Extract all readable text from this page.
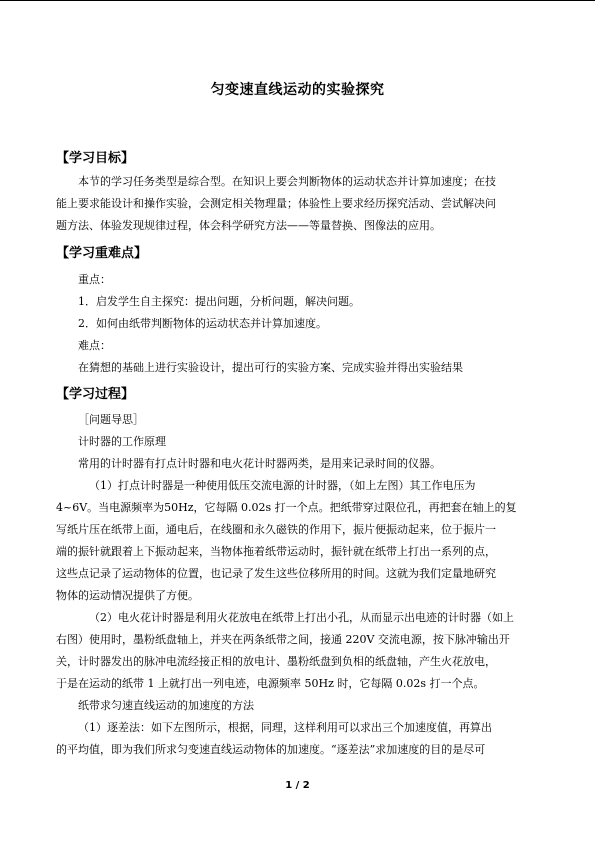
匀变速直线运动的实验探究
【学习目标】
本节的学习任务类型是综合型。在知识上要会判断物体的运动状态并计算加速度；在技
能上要求能设计和操作实验，会测定相关物理量；体验性上要求经历探究活动、尝试解决问
题方法、体验发现规律过程，体会科学研究方法——等量替换、图像法的应用。
【学习重难点】
重点：
1．启发学生自主探究：提出问题，分析问题，解决问题。
2．如何由纸带判断物体的运动状态并计算加速度。
难点：
在猜想的基础上进行实验设计，提出可行的实验方案、完成实验并得出实验结果
【学习过程】
［问题导思］
计时器的工作原理
常用的计时器有打点计时器和电火花计时器两类，是用来记录时间的仪器。
（1）打点计时器是一种使用低压交流电源的计时器，（如上左图）其工作电压为
4~6V。当电源频率为50Hz，它每隔 0.02s 打一个点。把纸带穿过限位孔，再把套在轴上的复
写纸片压在纸带上面，通电后，在线圈和永久磁铁的作用下，振片便振动起来，位于振片一
端的振针就跟着上下振动起来，当物体拖着纸带运动时，振针就在纸带上打出一系列的点，
这些点记录了运动物体的位置，也记录了发生这些位移所用的时间。这就为我们定量地研究
物体的运动情况提供了方便。
（2）电火花计时器是利用火花放电在纸带上打出小孔，从而显示出电迹的计时器（如上
右图）使用时，墨粉纸盘轴上，并夹在两条纸带之间，接通 220V 交流电源，按下脉冲输出开
关，计时器发出的脉冲电流经接正相的放电计、墨粉纸盘到负相的纸盘轴，产生火花放电，
于是在运动的纸带 1 上就打出一列电迹，电源频率 50Hz 时，它每隔 0.02s 打一个点。
纸带求匀速直线运动的加速度的方法
（1）逐差法：如下左图所示，根据，同理，这样利用可以求出三个加速度值，再算出
的平均值，即为我们所求匀变速直线运动物体的加速度。“逐差法”求加速度的目的是尽可
1 / 2
